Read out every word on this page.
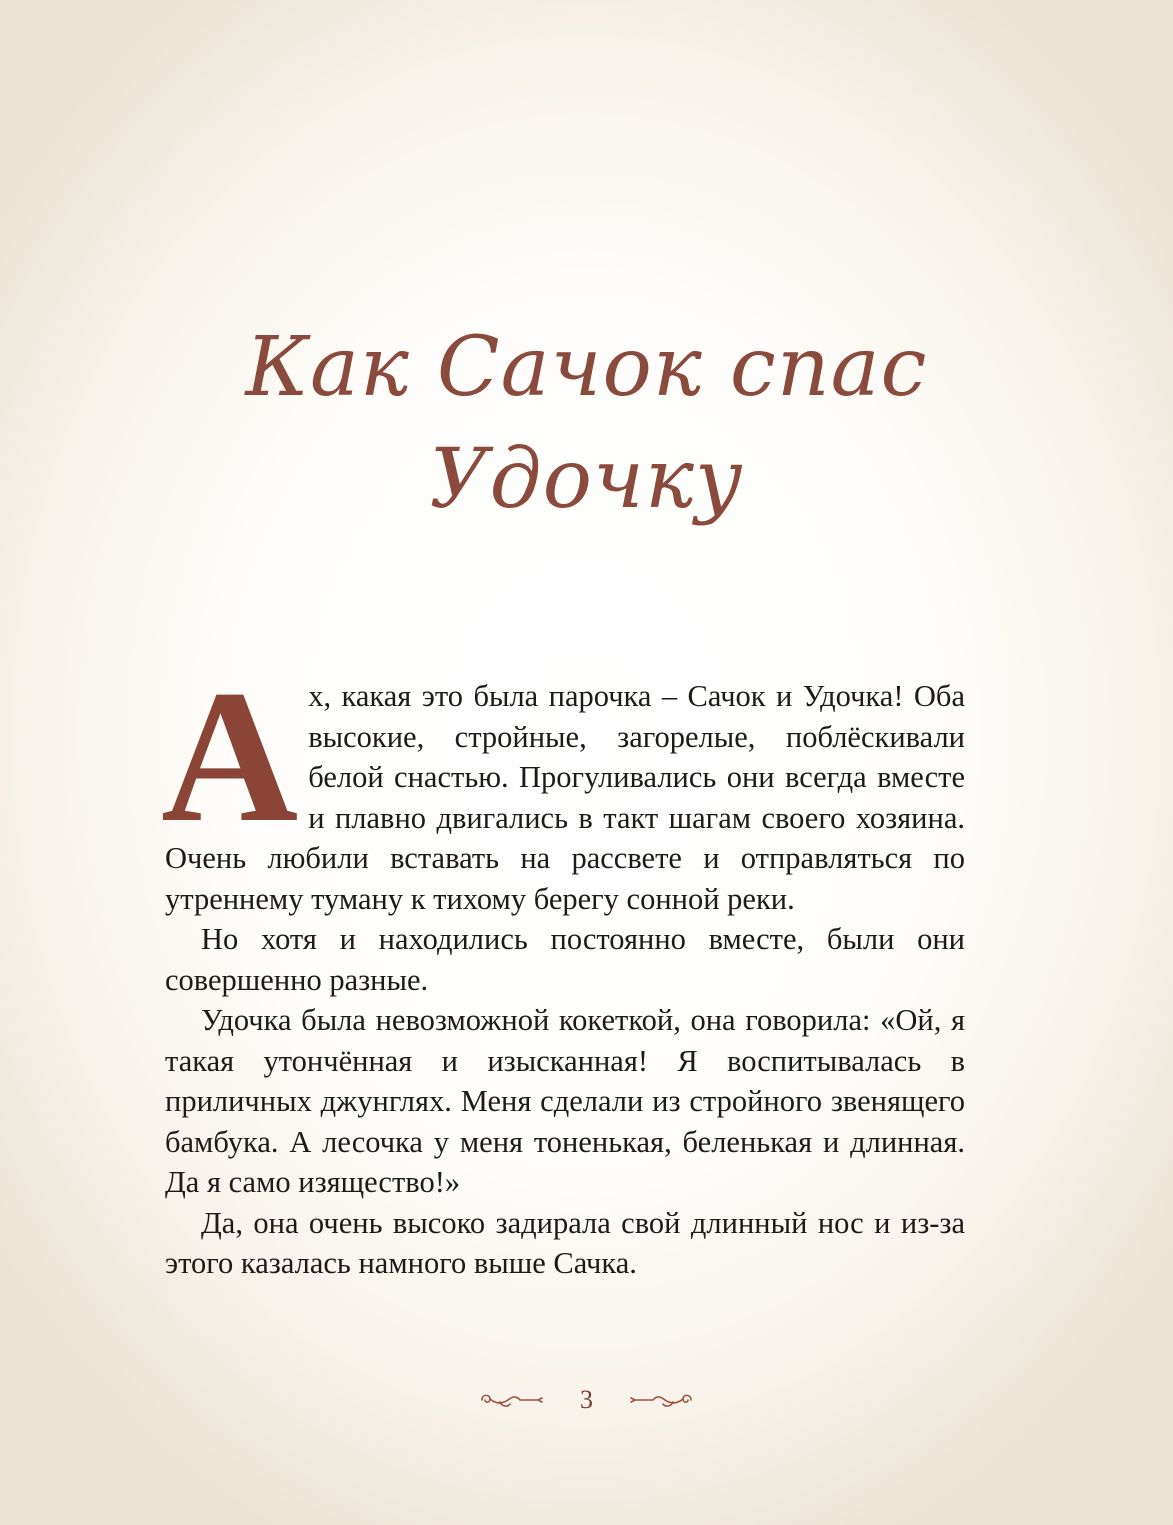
Как Сачок спас
Удочку

Ах, какая это была парочка – Сачок и Удочка! Оба высокие, стройные, загорелые, поблёскивали белой снастью. Прогуливались они всегда вместе и плавно двигались в такт шагам своего хозяина. Очень любили вставать на рассвете и отправляться по утреннему туману к тихому берегу сонной реки.

Но хотя и находились постоянно вместе, были они совершенно разные.

Удочка была невозможной кокеткой, она говорила: «Ой, я такая утончённая и изысканная! Я воспитывалась в приличных джунглях. Меня сделали из стройного звенящего бамбука. А лесочка у меня тоненькая, беленькая и длинная. Да я само изящество!»

Да, она очень высоко задирала свой длинный нос и из-за этого казалась намного выше Сачка.

3
